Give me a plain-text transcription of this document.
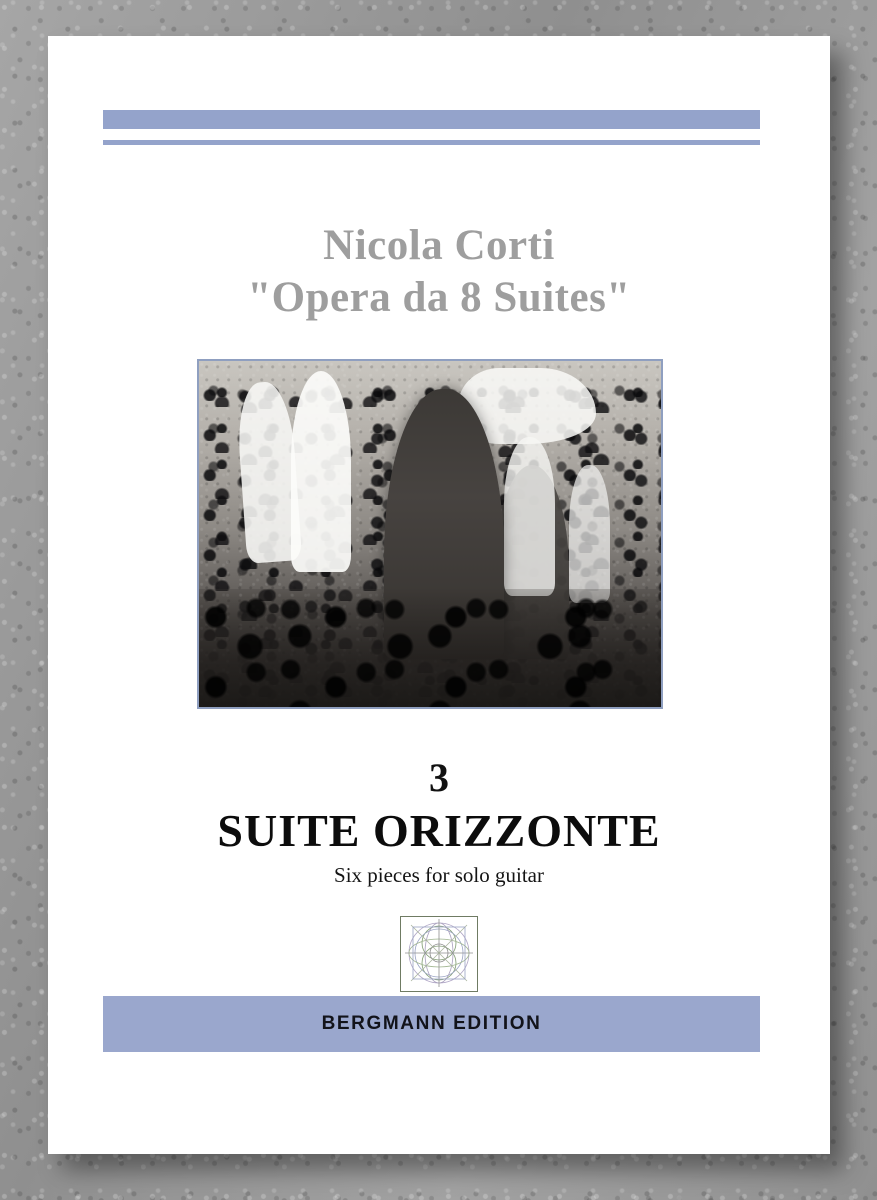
Nicola Corti
"Opera da 8 Suites"
3
SUITE ORIZZONTE
Six pieces for solo guitar
BERGMANN EDITION
